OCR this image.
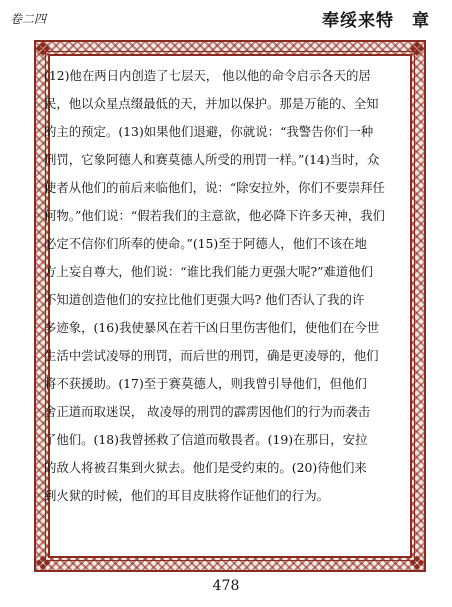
卷二四	奉绥来特　章
❖	❖
❖	❖
(12)他在两日内创造了七层天， 他以他的命令启示各天的居
民，他以众星点缀最低的天，并加以保护。那是万能的、全知
的主的预定。(13)如果他们退避，你就说：“我警告你们一种
刑罚，它象阿德人和赛莫德人所受的刑罚一样。”(14)当时，众
使者从他们的前后来临他们，说：“除安拉外，你们不要崇拜任
何物。”他们说：“假若我们的主意欲，他必降下许多天神，我们
必定不信你们所奉的使命。”(15)至于阿德人，他们不该在地
方上妄自尊大，他们说：“谁比我们能力更强大呢?”难道他们
不知道创造他们的安拉比他们更强大吗? 他们否认了我的许
多迹象，(16)我使暴风在若干凶日里伤害他们，使他们在今世
生活中尝试凌辱的刑罚，而后世的刑罚，确是更凌辱的，他们
将不获援助。(17)至于赛莫德人，则我曾引导他们，但他们
舍正道而取迷误， 故凌辱的刑罚的霹雳因他们的行为而袭击
了他们。(18)我曾拯救了信道而敬畏者。(19)在那日，安拉
的敌人将被召集到火狱去。他们是受约束的。(20)待他们来
到火狱的时候，他们的耳目皮肤将作证他们的行为。
478
